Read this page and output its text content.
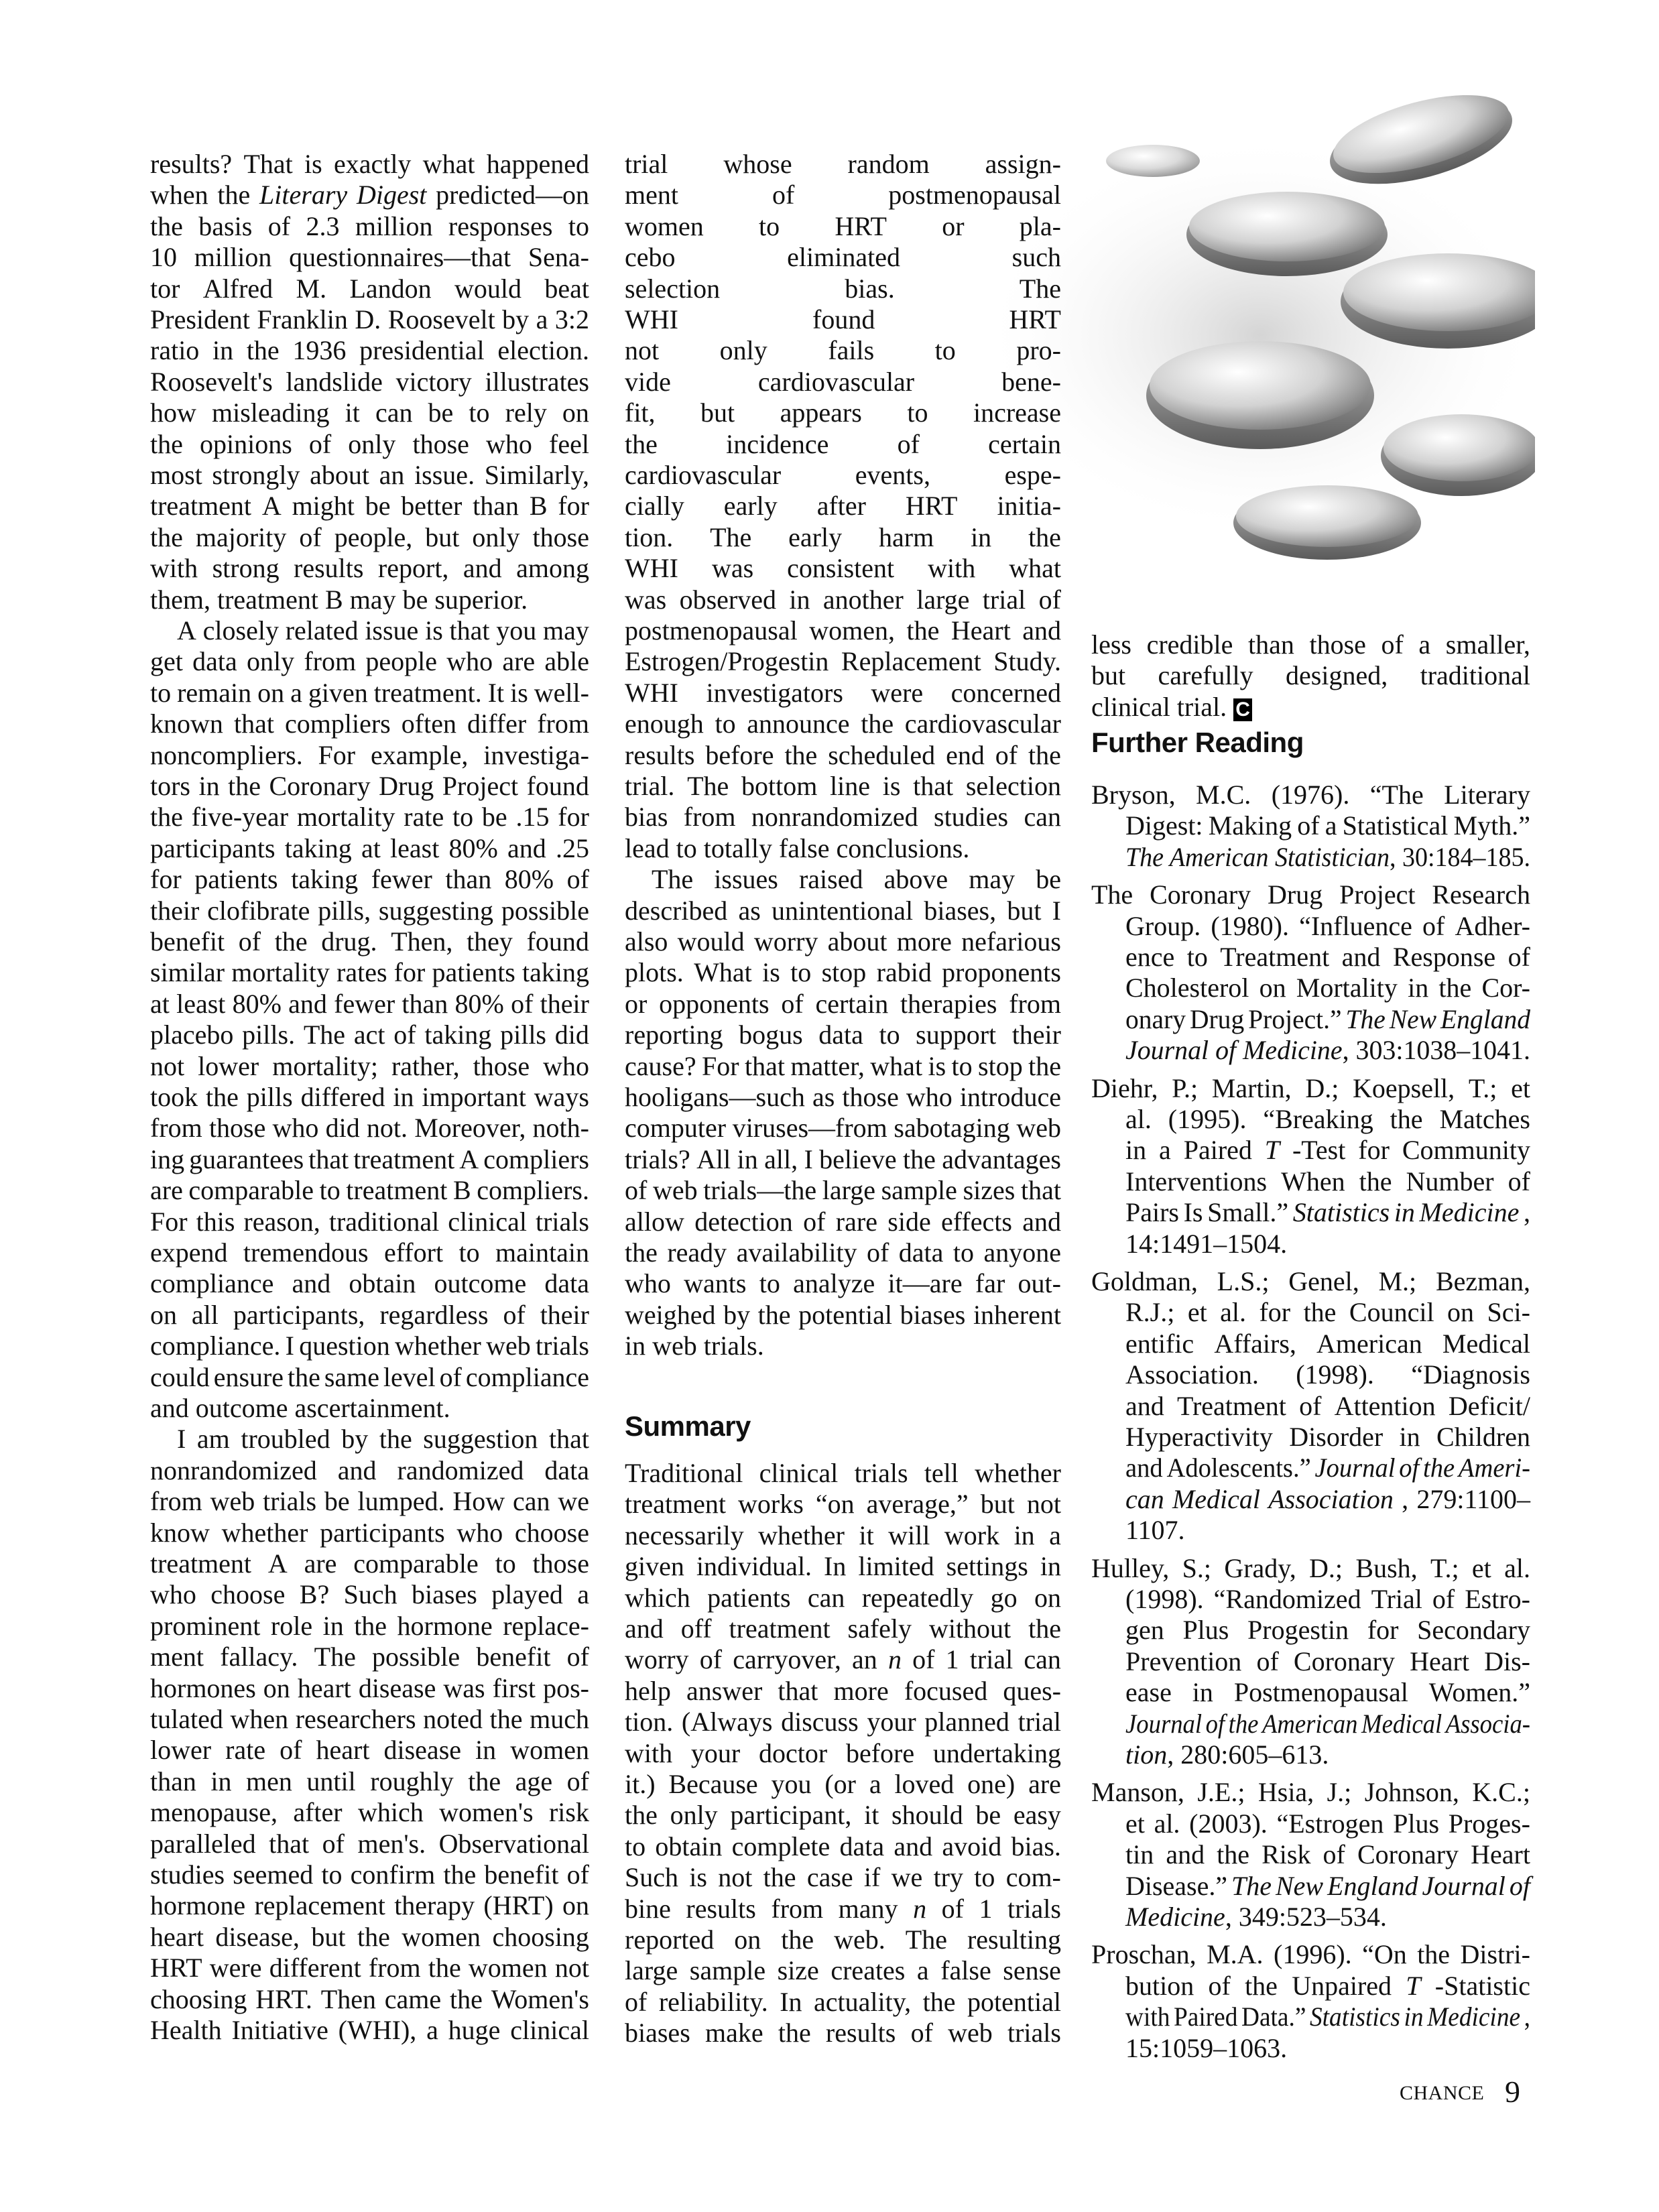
results? That is exactly what happened
when the Literary Digest predicted—on
the basis of 2.3 million responses to
10 million questionnaires—that Sena-
tor Alfred M. Landon would beat
President Franklin D. Roosevelt by a 3:2
ratio in the 1936 presidential election.
Roosevelt's landslide victory illustrates
how misleading it can be to rely on
the opinions of only those who feel
most strongly about an issue. Similarly,
treatment A might be better than B for
the majority of people, but only those
with strong results report, and among
them, treatment B may be superior.
A closely related issue is that you may
get data only from people who are able
to remain on a given treatment. It is well-
known that compliers often differ from
noncompliers. For example, investiga-
tors in the Coronary Drug Project found
the five-year mortality rate to be .15 for
participants taking at least 80% and .25
for patients taking fewer than 80% of
their clofibrate pills, suggesting possible
benefit of the drug. Then, they found
similar mortality rates for patients taking
at least 80% and fewer than 80% of their
placebo pills. The act of taking pills did
not lower mortality; rather, those who
took the pills differed in important ways
from those who did not. Moreover, noth-
ing guarantees that treatment A compliers
are comparable to treatment B compliers.
For this reason, traditional clinical trials
expend tremendous effort to maintain
compliance and obtain outcome data
on all participants, regardless of their
compliance. I question whether web trials
could ensure the same level of compliance
and outcome ascertainment.
I am troubled by the suggestion that
nonrandomized and randomized data
from web trials be lumped. How can we
know whether participants who choose
treatment A are comparable to those
who choose B? Such biases played a
prominent role in the hormone replace-
ment fallacy. The possible benefit of
hormones on heart disease was first pos-
tulated when researchers noted the much
lower rate of heart disease in women
than in men until roughly the age of
menopause, after which women's risk
paralleled that of men's. Observational
studies seemed to confirm the benefit of
hormone replacement therapy (HRT) on
heart disease, but the women choosing
HRT were different from the women not
choosing HRT. Then came the Women's
Health Initiative (WHI), a huge clinical
trial whose random assign-
ment	of	postmenopausal
women to HRT or pla-
cebo	eliminated	such
selection	bias.	The
WHI	found	HRT
not only fails to pro-
vide	cardiovascular	bene-
fit, but appears to increase
the	incidence	of	certain
cardiovascular	events,	espe-
cially early after HRT initia-
tion. The early harm in the
WHI was consistent with what
was observed in another large trial of
postmenopausal women, the Heart and
Estrogen/Progestin Replacement Study.
WHI investigators were concerned
enough to announce the cardiovascular
results before the scheduled end of the
trial. The bottom line is that selection
bias from nonrandomized studies can
lead to totally false conclusions.
The issues raised above may be
described as unintentional biases, but I
also would worry about more nefarious
plots. What is to stop rabid proponents
or opponents of certain therapies from
reporting bogus data to support their
cause? For that matter, what is to stop the
hooligans—such as those who introduce
computer viruses—from sabotaging web
trials? All in all, I believe the advantages
of web trials—the large sample sizes that
allow detection of rare side effects and
the ready availability of data to anyone
who wants to analyze it—are far out-
weighed by the potential biases inherent
in web trials.
Summary
Traditional clinical trials tell whether
treatment works “on average,” but not
necessarily whether it will work in a
given individual. In limited settings in
which patients can repeatedly go on
and off treatment safely without the
worry of carryover, an n of 1 trial can
help answer that more focused ques-
tion. (Always discuss your planned trial
with your doctor before undertaking
it.) Because you (or a loved one) are
the only participant, it should be easy
to obtain complete data and avoid bias.
Such is not the case if we try to com-
bine results from many n of 1 trials
reported on the web. The resulting
large sample size creates a false sense
of reliability. In actuality, the potential
biases make the results of web trials
less credible than those of a smaller,
but carefully designed, traditional
clinical trial. C
Further Reading
Bryson, M.C. (1976). “The Literary
Digest: Making of a Statistical Myth.”
The American Statistician, 30:184–185.
The Coronary Drug Project Research
Group. (1980). “Influence of Adher-
ence to Treatment and Response of
Cholesterol on Mortality in the Cor-
onary Drug Project.” The New England
Journal of Medicine, 303:1038–1041.
Diehr, P.; Martin, D.; Koepsell, T.; et
al. (1995). “Breaking the Matches
in a Paired T -Test for Community
Interventions When the Number of
Pairs Is Small.” Statistics in Medicine ,
14:1491–1504.
Goldman, L.S.; Genel, M.; Bezman,
R.J.; et al. for the Council on Sci-
entific Affairs, American Medical
Association. (1998). “Diagnosis
and Treatment of Attention Deficit/
Hyperactivity Disorder in Children
and Adolescents.” Journal of the Ameri-
can Medical Association , 279:1100–
1107.
Hulley, S.; Grady, D.; Bush, T.; et al.
(1998). “Randomized Trial of Estro-
gen Plus Progestin for Secondary
Prevention of Coronary Heart Dis-
ease in Postmenopausal Women.”
Journal of the American Medical Associa-
tion, 280:605–613.
Manson, J.E.; Hsia, J.; Johnson, K.C.;
et al. (2003). “Estrogen Plus Proges-
tin and the Risk of Coronary Heart
Disease.” The New England Journal of
Medicine, 349:523–534.
Proschan, M.A. (1996). “On the Distri-
bution of the Unpaired T -Statistic
with Paired Data.” Statistics in Medicine ,
15:1059–1063.
CHANCE 9
